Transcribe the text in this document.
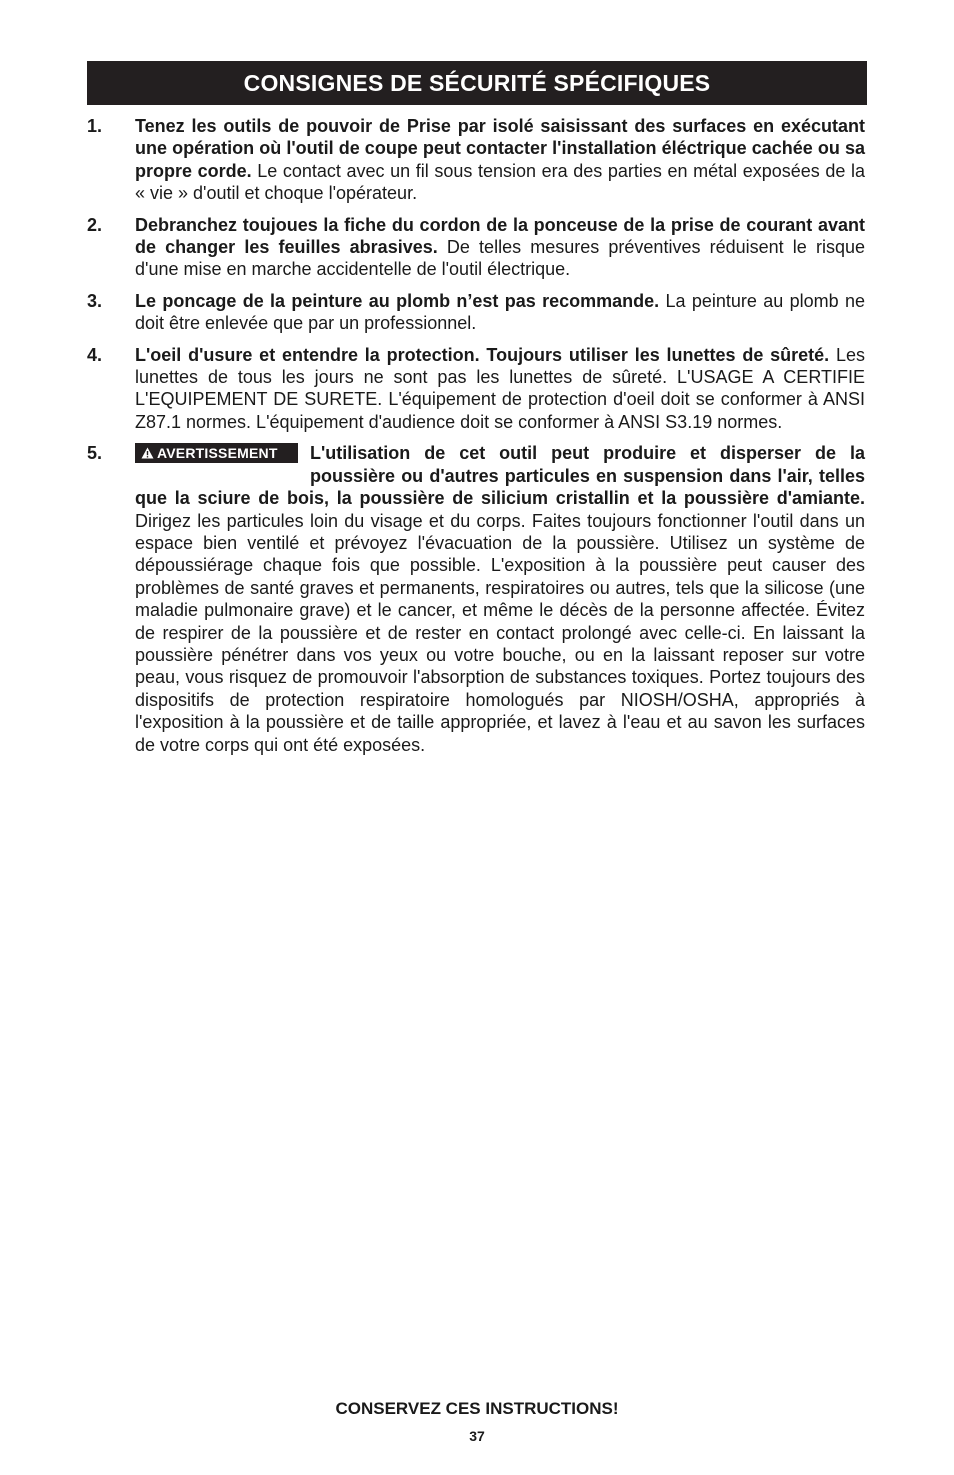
CONSIGNES DE SÉCURITÉ SPÉCIFIQUES
1.	Tenez les outils de pouvoir de Prise par isolé saisissant des surfaces en exécutant une opération où l'outil de coupe peut contacter l'installation éléctrique cachée ou sa propre corde. Le contact avec un fil sous tension era des parties en métal exposées de la « vie » d'outil et choque l'opérateur.
2.	Debranchez toujoues la fiche du cordon de la ponceuse de la prise de courant avant de changer les feuilles abrasives. De telles mesures préventives réduisent le risque d'une mise en marche accidentelle de l'outil électrique.
3.	Le poncage de la peinture au plomb n’est pas recommande. La peinture au plomb ne doit être enlevée que par un professionnel.
4.	L'oeil d'usure et entendre la protection. Toujours utiliser les lunettes de sûreté. Les lunettes de tous les jours ne sont pas les lunettes de sûreté. L'USAGE A CERTIFIE L'EQUIPEMENT DE SURETE. L'équipement de protection d'oeil doit se conformer à ANSI Z87.1 normes. L'équipement d'audience doit se conformer à ANSI S3.19 normes.
5.	AVERTISSEMENT L'utilisation de cet outil peut produire et disperser de la poussière ou d'autres particules en suspension dans l'air, telles que la sciure de bois, la poussière de silicium cristallin et la poussière d'amiante. Dirigez les particules loin du visage et du corps. Faites toujours fonctionner l'outil dans un espace bien ventilé et prévoyez l'évacuation de la poussière. Utilisez un système de dépoussiérage chaque fois que possible. L'exposition à la poussière peut causer des problèmes de santé graves et permanents, respiratoires ou autres, tels que la silicose (une maladie pulmonaire grave) et le cancer, et même le décès de la personne affectée. Évitez de respirer de la poussière et de rester en contact prolongé avec celle-ci. En laissant la poussière pénétrer dans vos yeux ou votre bouche, ou en la laissant reposer sur votre peau, vous risquez de promouvoir l'absorption de substances toxiques. Portez toujours des dispositifs de protection respiratoire homologués par NIOSH/OSHA, appropriés à l'exposition à la poussière et de taille appropriée, et lavez à l'eau et au savon les surfaces de votre corps qui ont été exposées.
CONSERVEZ CES INSTRUCTIONS!
37
